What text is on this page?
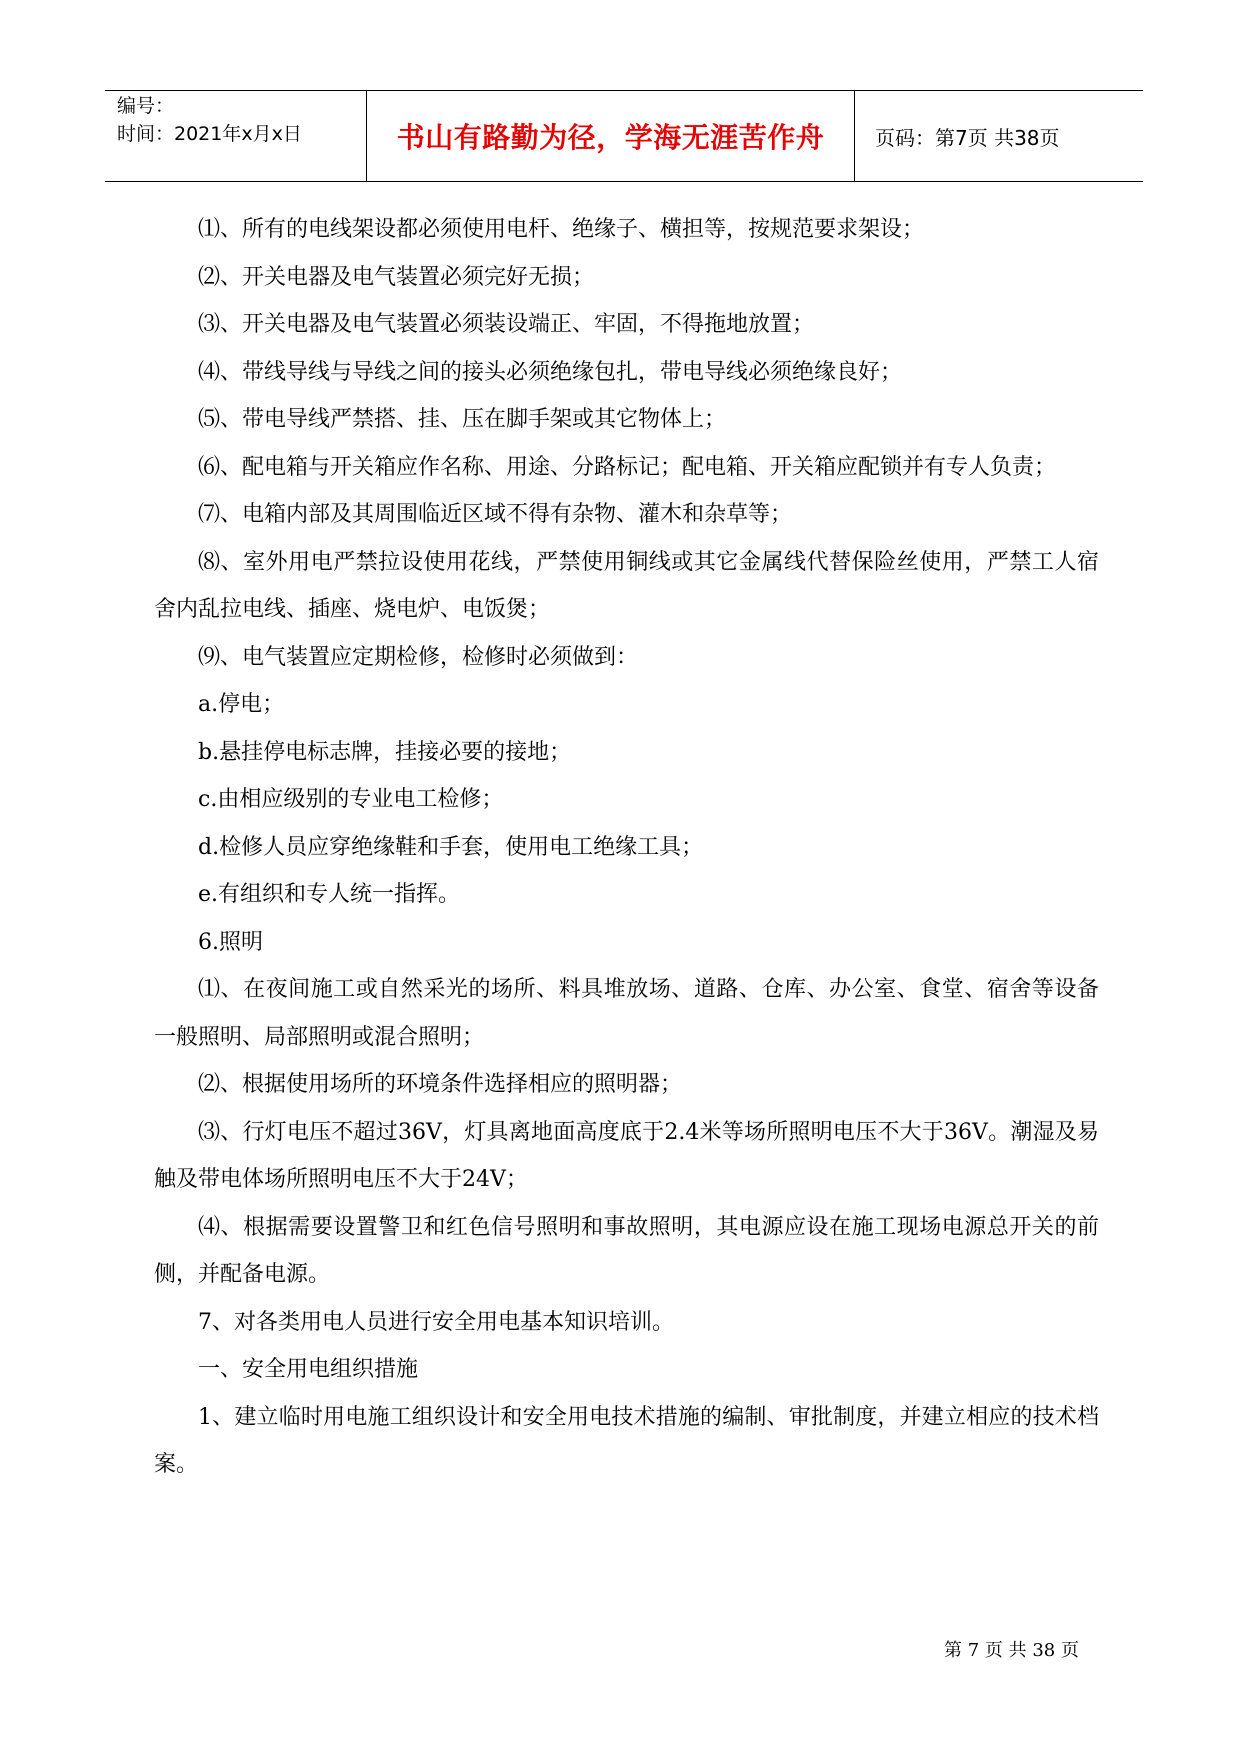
编号：
时间：2021年x月x日	书山有路勤为径，学海无涯苦作舟	页码：第7页 共38页

⑴、所有的电线架设都必须使用电杆、绝缘子、横担等，按规范要求架设；

⑵、开关电器及电气装置必须完好无损；

⑶、开关电器及电气装置必须装设端正、牢固，不得拖地放置；

⑷、带线导线与导线之间的接头必须绝缘包扎，带电导线必须绝缘良好；

⑸、带电导线严禁搭、挂、压在脚手架或其它物体上；

⑹、配电箱与开关箱应作名称、用途、分路标记；配电箱、开关箱应配锁并有专人负责；

⑺、电箱内部及其周围临近区域不得有杂物、灌木和杂草等；

⑻、室外用电严禁拉设使用花线，严禁使用铜线或其它金属线代替保险丝使用，严禁工人宿舍内乱拉电线、插座、烧电炉、电饭煲；

⑼、电气装置应定期检修，检修时必须做到：

a.停电；

b.悬挂停电标志牌，挂接必要的接地；

c.由相应级别的专业电工检修；

d.检修人员应穿绝缘鞋和手套，使用电工绝缘工具；

e.有组织和专人统一指挥。

6.照明

⑴、在夜间施工或自然采光的场所、料具堆放场、道路、仓库、办公室、食堂、宿舍等设备一般照明、局部照明或混合照明；

⑵、根据使用场所的环境条件选择相应的照明器；

⑶、行灯电压不超过36V，灯具离地面高度底于2.4米等场所照明电压不大于36V。潮湿及易触及带电体场所照明电压不大于24V；

⑷、根据需要设置警卫和红色信号照明和事故照明，其电源应设在施工现场电源总开关的前侧，并配备电源。

7、对各类用电人员进行安全用电基本知识培训。

一、安全用电组织措施

1、建立临时用电施工组织设计和安全用电技术措施的编制、审批制度，并建立相应的技术档案。

第 7 页 共 38 页
